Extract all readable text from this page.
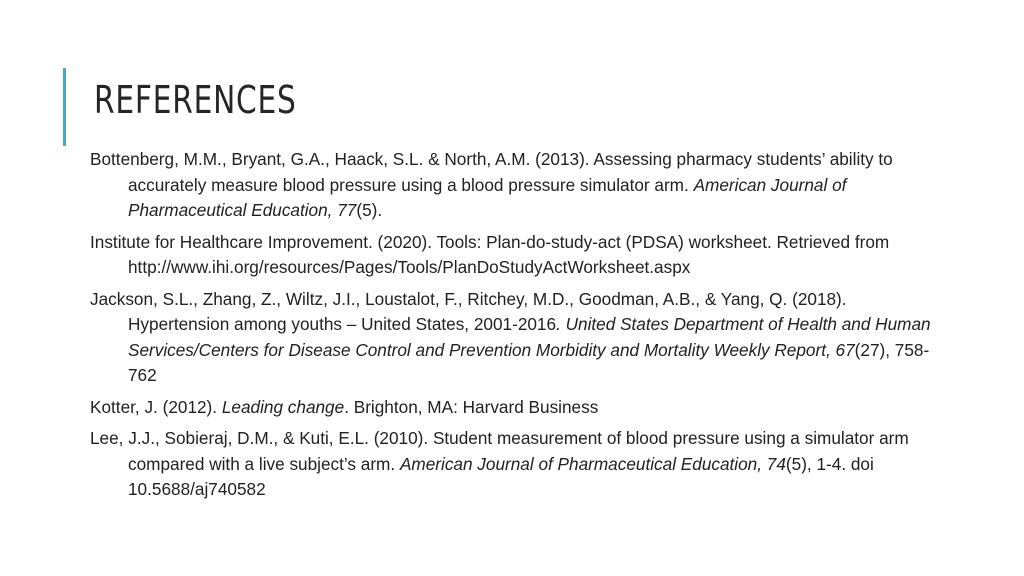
REFERENCES
Bottenberg, M.M., Bryant, G.A., Haack, S.L. & North, A.M. (2013). Assessing pharmacy students’ ability to accurately measure blood pressure using a blood pressure simulator arm. American Journal of Pharmaceutical Education, 77(5).
Institute for Healthcare Improvement. (2020). Tools: Plan-do-study-act (PDSA) worksheet. Retrieved from http://www.ihi.org/resources/Pages/Tools/PlanDoStudyActWorksheet.aspx
Jackson, S.L., Zhang, Z., Wiltz, J.I., Loustalot, F., Ritchey, M.D., Goodman, A.B., & Yang, Q. (2018). Hypertension among youths – United States, 2001-2016. United States Department of Health and Human Services/Centers for Disease Control and Prevention Morbidity and Mortality Weekly Report, 67(27), 758-762
Kotter, J. (2012). Leading change. Brighton, MA: Harvard Business
Lee, J.J., Sobieraj, D.M., & Kuti, E.L. (2010). Student measurement of blood pressure using a simulator arm compared with a live subject’s arm. American Journal of Pharmaceutical Education, 74(5), 1-4. doi 10.5688/aj740582
